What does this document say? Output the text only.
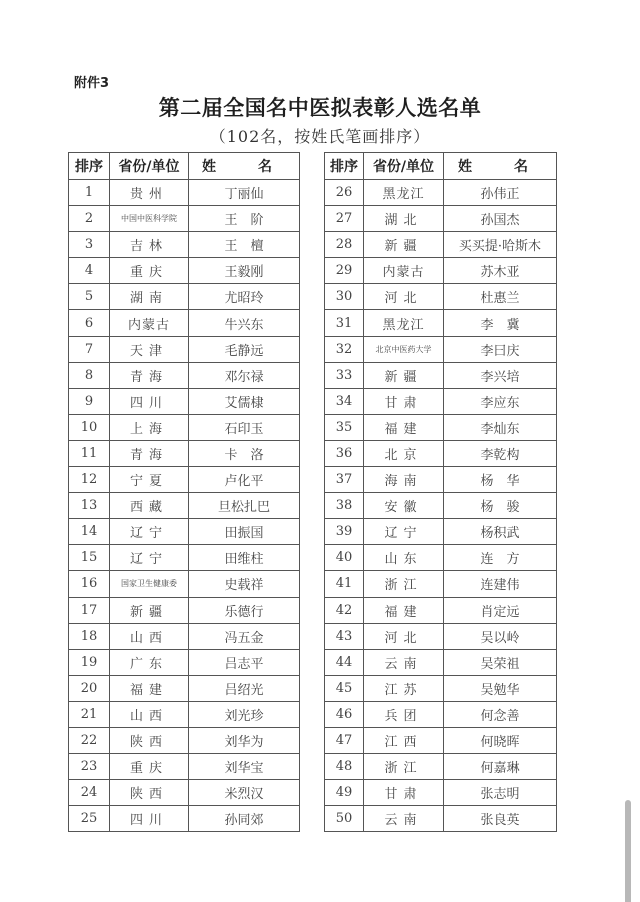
附件3
第二届全国名中医拟表彰人选名单
（102名，按姓氏笔画排序）
排序	省份/单位	姓　名
1	贵州	丁丽仙
2	中国中医科学院	王　阶
3	吉林	王　檀
4	重庆	王毅刚
5	湖南	尤昭玲
6	内蒙古	牛兴东
7	天津	毛静远
8	青海	邓尔禄
9	四川	艾儒棣
10	上海	石印玉
11	青海	卡　洛
12	宁夏	卢化平
13	西藏	旦松扎巴
14	辽宁	田振国
15	辽宁	田维柱
16	国家卫生健康委	史载祥
17	新疆	乐德行
18	山西	冯五金
19	广东	吕志平
20	福建	吕绍光
21	山西	刘光珍
22	陕西	刘华为
23	重庆	刘华宝
24	陕西	米烈汉
25	四川	孙同郊
排序	省份/单位	姓　名
26	黑龙江	孙伟正
27	湖北	孙国杰
28	新疆	买买提·哈斯木
29	内蒙古	苏木亚
30	河北	杜惠兰
31	黑龙江	李　冀
32	北京中医药大学	李曰庆
33	新疆	李兴培
34	甘肃	李应东
35	福建	李灿东
36	北京	李乾构
37	海南	杨　华
38	安徽	杨　骏
39	辽宁	杨积武
40	山东	连　方
41	浙江	连建伟
42	福建	肖定远
43	河北	吴以岭
44	云南	吴荣祖
45	江苏	吴勉华
46	兵团	何念善
47	江西	何晓晖
48	浙江	何嘉琳
49	甘肃	张志明
50	云南	张良英
